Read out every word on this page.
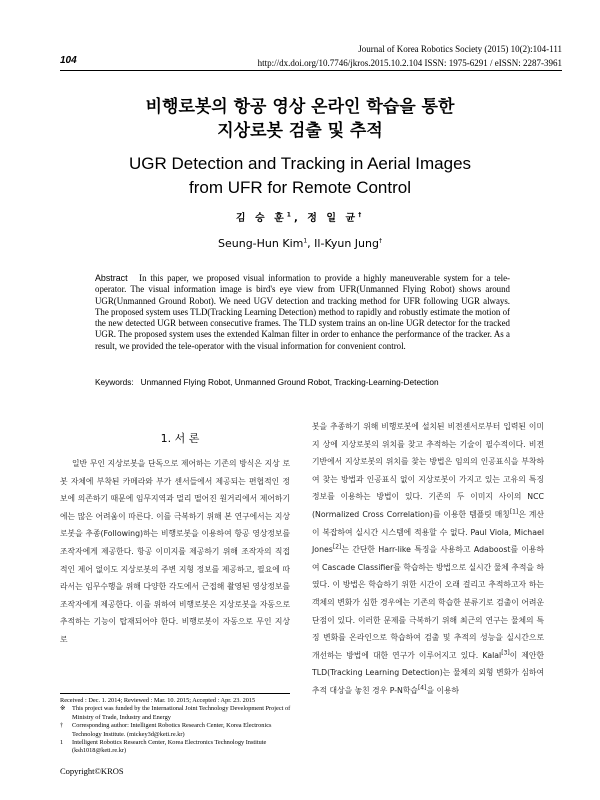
104
Journal of Korea Robotics Society (2015) 10(2):104-111
http://dx.doi.org/10.7746/jkros.2015.10.2.104 ISSN: 1975-6291 / eISSN: 2287-3961
비행로봇의 항공 영상 온라인 학습을 통한
지상로봇 검출 및 추적
UGR Detection and Tracking in Aerial Images
from UFR for Remote Control
김 승 훈$^1$, 정 일 균†
Seung-Hun Kim$^1$, Il-Kyun Jung†
Abstract In this paper, we proposed visual information to provide a highly maneuverable system for a tele-operator. The visual information image is bird's eye view from UFR(Unmanned Flying Robot) shows around UGR(Unmanned Ground Robot). We need UGV detection and tracking method for UFR following UGR always. The proposed system uses TLD(Tracking Learning Detection) method to rapidly and robustly estimate the motion of the new detected UGR between consecutive frames. The TLD system trains an on-line UGR detector for the tracked UGR. The proposed system uses the extended Kalman filter in order to enhance the performance of the tracker. As a result, we provided the tele-operator with the visual information for convenient control.
Keywords: Unmanned Flying Robot, Unmanned Ground Robot, Tracking-Learning-Detection
1. 서 론

일반 무인 지상로봇을 단독으로 제어하는 기존의 방식은 지상 로봇 자체에 부착된 카메라와 부가 센서들에서 제공되는 편협적인 정보에 의존하기 때문에 임무지역과 멀리 떨어진 원거리에서 제어하기에는 많은 어려움이 따른다. 이를 극복하기 위해 본 연구에서는 지상로봇을 추종(Following)하는 비행로봇을 이용하여 항공 영상정보를 조작자에게 제공한다. 항공 이미지를 제공하기 위해 조작자의 직접적인 제어 없이도 지상로봇의 주변 지형 정보를 제공하고, 필요에 따라서는 임무수행을 위해 다양한 각도에서 근접해 촬영된 영상정보를 조작자에게 제공한다. 이를 위하여 비행로봇은 지상로봇을 자동으로 추적하는 기능이 탑재되어야 한다. 비행로봇이 자동으로 무인 지상 로

봇을 추종하기 위해 비행로봇에 설치된 비전센서로부터 입력된 이미지 상에 지상로봇의 위치를 찾고 추적하는 기술이 필수적이다. 비전 기반에서 지상로봇의 위치를 찾는 방법은 임의의 인공표식을 부착하여 찾는 방법과 인공표식 없이 지상로봇이 가지고 있는 고유의 특징 정보를 이용하는 방법이 있다. 기존의 두 이미지 사이의 NCC (Normalized Cross Correlation)를 이용한 템플릿 매칭[1]은 계산이 복잡하여 실시간 시스템에 적용할 수 없다. Paul Viola, Michael Jones[2]는 간단한 Harr-like 특징을 사용하고 Adaboost를 이용하여 Cascade Classifier를 학습하는 방법으로 실시간 물체 추적을 하였다. 이 방법은 학습하기 위한 시간이 오래 걸리고 추적하고자 하는 객체의 변화가 심한 경우에는 기존의 학습한 분류기로 검출이 어려운 단점이 있다. 이러한 문제를 극복하기 위해 최근의 연구는 물체의 특징 변화를 온라인으로 학습하여 검출 및 추적의 성능을 실시간으로 개선하는 방법에 대한 연구가 이루어지고 있다. Kalal[3]이 제안한 TLD(Tracking Learning Detection)는 물체의 외형 변화가 심하여 추적 대상을 놓친 경우 P-N학습[4]을 이용하

Received : Dec. 1. 2014; Reviewed : Mar. 10. 2015; Accepted : Apr. 23. 2015
※	This project was funded by the International Joint Technology Development Project of Ministry of Trade, Industry and Energy
†	Corresponding author: Intelligent Robotics Research Center, Korea Electronics Technology Institute. (mickey3d@keti.re.kr)
1	Intelligent Robotics Research Center, Korea Electronics Technology Institute (ksh1018@keti.re.kr)
Copyright©KROS
